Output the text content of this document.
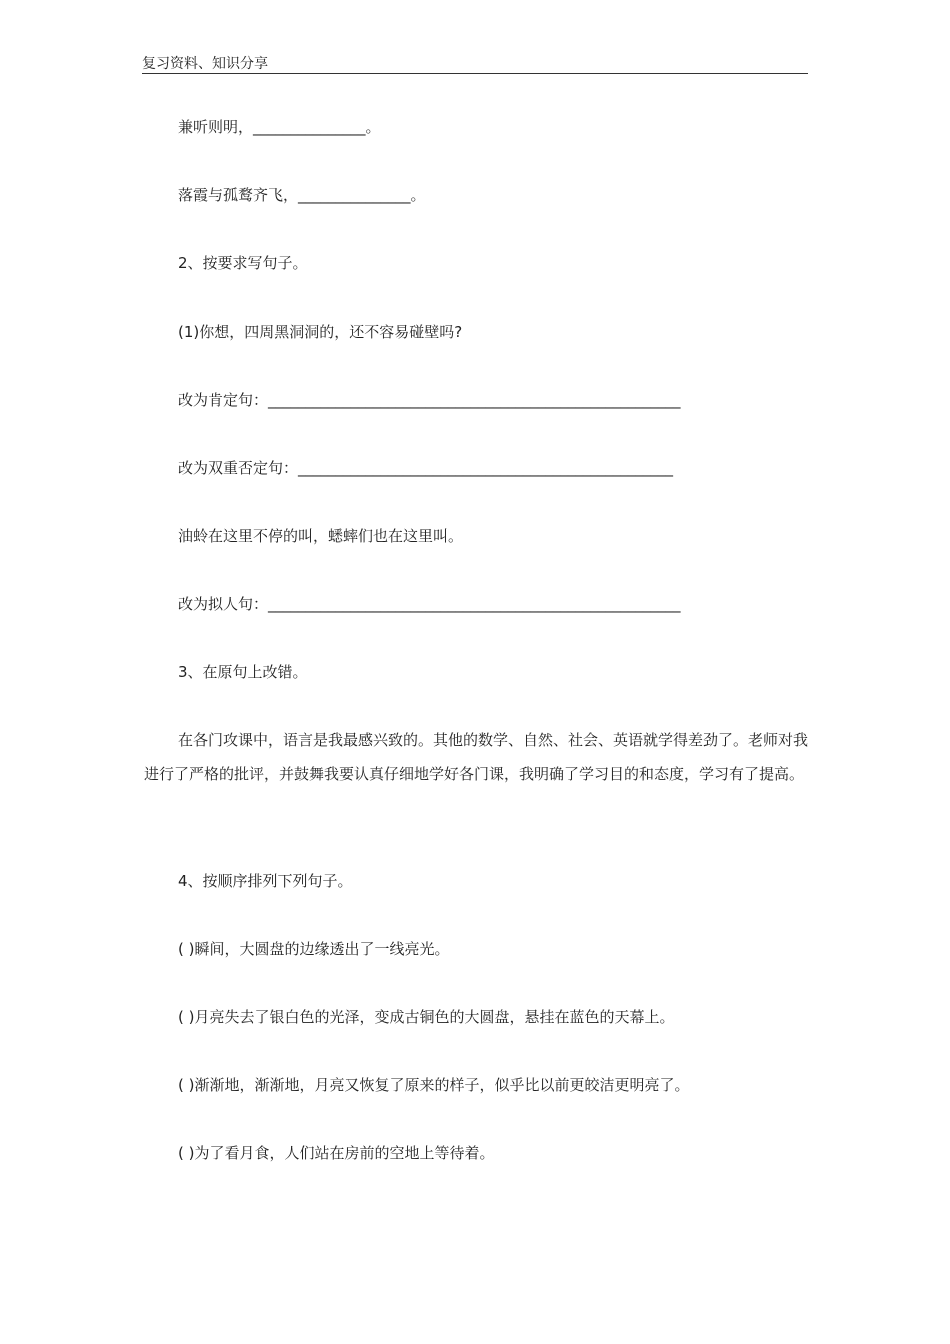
复习资料、知识分享
兼听则明，_______________。
落霞与孤鹜齐飞，_______________。
2、按要求写句子。
(1)你想，四周黑洞洞的，还不容易碰壁吗?
改为肯定句：_______________________________________________________
改为双重否定句：__________________________________________________
油蛉在这里不停的叫，蟋蟀们也在这里叫。
改为拟人句：_______________________________________________________
3、在原句上改错。
在各门攻课中，语言是我最感兴致的。其他的数学、自然、社会、英语就学得差劲了。老师对我进行了严格的批评，并鼓舞我要认真仔细地学好各门课，我明确了学习目的和态度，学习有了提高。
4、按顺序排列下列句子。
( )瞬间，大圆盘的边缘透出了一线亮光。
( )月亮失去了银白色的光泽，变成古铜色的大圆盘，悬挂在蓝色的天幕上。
( )渐渐地，渐渐地，月亮又恢复了原来的样子，似乎比以前更皎洁更明亮了。
( )为了看月食，人们站在房前的空地上等待着。
